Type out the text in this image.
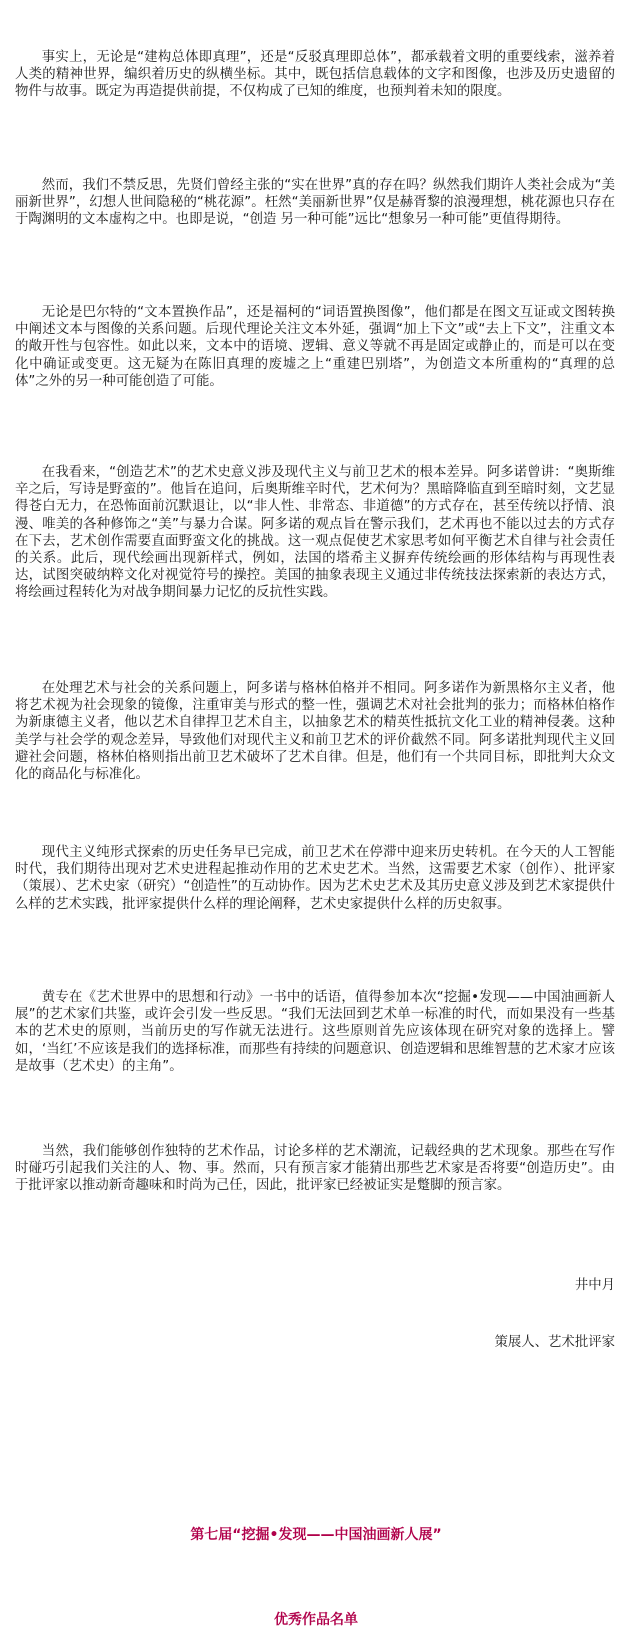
事实上，无论是“建构总体即真理”，还是“反驳真理即总体”，都承载着文明的重要线索，滋养着人类的精神世界，编织着历史的纵横坐标。其中，既包括信息载体的文字和图像，也涉及历史遗留的物件与故事。既定为再造提供前提，不仅构成了已知的维度，也预判着未知的限度。

然而，我们不禁反思，先贤们曾经主张的“实在世界”真的存在吗？纵然我们期许人类社会成为“美丽新世界”，幻想人世间隐秘的“桃花源”。枉然“美丽新世界”仅是赫胥黎的浪漫理想，桃花源也只存在于陶渊明的文本虚构之中。也即是说，“创造 另一种可能”远比“想象另一种可能”更值得期待。

无论是巴尔特的“文本置换作品”，还是福柯的“词语置换图像”，他们都是在图文互证或文图转换中阐述文本与图像的关系问题。后现代理论关注文本外延，强调“加上下文”或“去上下文”，注重文本的敞开性与包容性。如此以来，文本中的语境、逻辑、意义等就不再是固定或静止的，而是可以在变化中确证或变更。这无疑为在陈旧真理的废墟之上“重建巴别塔”，为创造文本所重构的“真理的总体”之外的另一种可能创造了可能。

在我看来，“创造艺术”的艺术史意义涉及现代主义与前卫艺术的根本差异。阿多诺曾讲：“奥斯维辛之后，写诗是野蛮的”。他旨在追问，后奥斯维辛时代，艺术何为？黑暗降临直到至暗时刻，文艺显得苍白无力，在恐怖面前沉默退让，以“非人性、非常态、非道德”的方式存在，甚至传统以抒情、浪漫、唯美的各种修饰之“美”与暴力合谋。阿多诺的观点旨在警示我们，艺术再也不能以过去的方式存在下去，艺术创作需要直面野蛮文化的挑战。这一观点促使艺术家思考如何平衡艺术自律与社会责任的关系。此后，现代绘画出现新样式，例如，法国的塔希主义摒弃传统绘画的形体结构与再现性表达，试图突破纳粹文化对视觉符号的操控。美国的抽象表现主义通过非传统技法探索新的表达方式，将绘画过程转化为对战争期间暴力记忆的反抗性实践。

在处理艺术与社会的关系问题上，阿多诺与格林伯格并不相同。阿多诺作为新黑格尔主义者，他将艺术视为社会现象的镜像，注重审美与形式的整一性，强调艺术对社会批判的张力；而格林伯格作为新康德主义者，他以艺术自律捍卫艺术自主，以抽象艺术的精英性抵抗文化工业的精神侵袭。这种美学与社会学的观念差异，导致他们对现代主义和前卫艺术的评价截然不同。阿多诺批判现代主义回避社会问题，格林伯格则指出前卫艺术破坏了艺术自律。但是，他们有一个共同目标，即批判大众文化的商品化与标准化。

现代主义纯形式探索的历史任务早已完成，前卫艺术在停滞中迎来历史转机。在今天的人工智能时代，我们期待出现对艺术史进程起推动作用的艺术史艺术。当然，这需要艺术家（创作）、批评家（策展）、艺术史家（研究）“创造性”的互动协作。因为艺术史艺术及其历史意义涉及到艺术家提供什么样的艺术实践，批评家提供什么样的理论阐释，艺术史家提供什么样的历史叙事。

黄专在《艺术世界中的思想和行动》一书中的话语，值得参加本次“挖掘•发现——中国油画新人展”的艺术家们共鉴，或许会引发一些反思。“我们无法回到艺术单一标准的时代，而如果没有一些基本的艺术史的原则，当前历史的写作就无法进行。这些原则首先应该体现在研究对象的选择上。譬如，‘当红’不应该是我们的选择标准，而那些有持续的问题意识、创造逻辑和思维智慧的艺术家才应该是故事（艺术史）的主角”。

当然，我们能够创作独特的艺术作品，讨论多样的艺术潮流，记载经典的艺术现象。那些在写作时碰巧引起我们关注的人、物、事。然而，只有预言家才能猜出那些艺术家是否将要“创造历史”。由于批评家以推动新奇趣味和时尚为己任，因此，批评家已经被证实是蹩脚的预言家。

井中月

策展人、艺术批评家

第七届“挖掘•发现——中国油画新人展”
优秀作品名单
